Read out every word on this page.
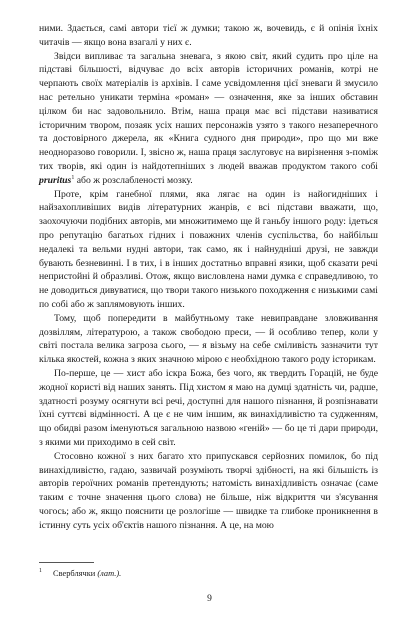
ними. Здається, самі автори тієї ж думки; такою ж, вочевидь, є й опінія їхніх читачів — якщо вона взагалі у них є.

Звідси випливає та загальна зневага, з якою світ, який судить про ціле на підставі більшості, відчуває до всіх авторів історичних романів, котрі не черпають своїх матеріалів із архівів. І саме усвідомлення цієї зневаги й змусило нас ретельно уникати терміна «роман» — означення, яке за інших обставин цілком би нас задовольнило. Втім, наша праця має всі підстави називатися історичним твором, позаяк усіх наших персонажів узято з такого незаперечного та достовірного джерела, як «Книга судного дня природи», про що ми вже неодноразово говорили. І, звісно ж, наша праця заслуговує на вирізнення з-поміж тих творів, які один із найдотепніших з людей вважав продуктом такого собі pruritus$^1$ або ж розслабленості мозку.

Проте, крім ганебної плями, яка лягає на один із найогидніших і найзахопливіших видів літературних жанрів, є всі підстави вважати, що, заохочуючи подібних авторів, ми множитимемо ще й ганьбу іншого роду: ідеться про репутацію багатьох гідних і поважних членів суспільства, бо найбільш недалекі та вельми нудні автори, так само, як і найнудніші друзі, не завжди бувають безневинні. І в тих, і в інших достатньо вправні язики, щоб сказати речі непристойні й образливі. Отож, якщо висловлена нами думка є справедливою, то не доводиться дивуватися, що твори такого низького походження є низькими самі по собі або ж заплямовують інших.

Тому, щоб попередити в майбутньому таке невиправдане зловживання дозвіллям, літературою, а також свободою преси, — й особливо тепер, коли у світі постала велика загроза сього, — я візьму на себе сміливість зазначити тут кілька якостей, кожна з яких значною мірою є необхідною такого роду історикам.

По-перше, це — хист або іскра Божа, без чого, як твердить Горацій, не буде жодної користі від наших занять. Під хистом я маю на думці здатність чи, радше, здатності розуму осягнути всі речі, доступні для нашого пізнання, й розпізнавати їхні суттєві відмінності. А це є не чим іншим, як винахідливістю та судженням, що обидві разом іменуються загальною назвою «геній» — бо це ті дари природи, з якими ми приходимо в сей світ.

Стосовно кожної з них багато хто припускався серйозних помилок, бо під винахідливістю, гадаю, зазвичай розуміють творчі здібності, на які більшість із авторів героїчних романів претендують; натомість винахідливість означає (саме таким є точне значення цього слова) не більше, ніж відкриття чи з'ясування чогось; або ж, якщо пояснити це розлогіше — швидке та глибоке проникнення в істинну суть усіх об'єктів нашого пізнання. А це, на мою

1 Сверблячки (лат.).
9
